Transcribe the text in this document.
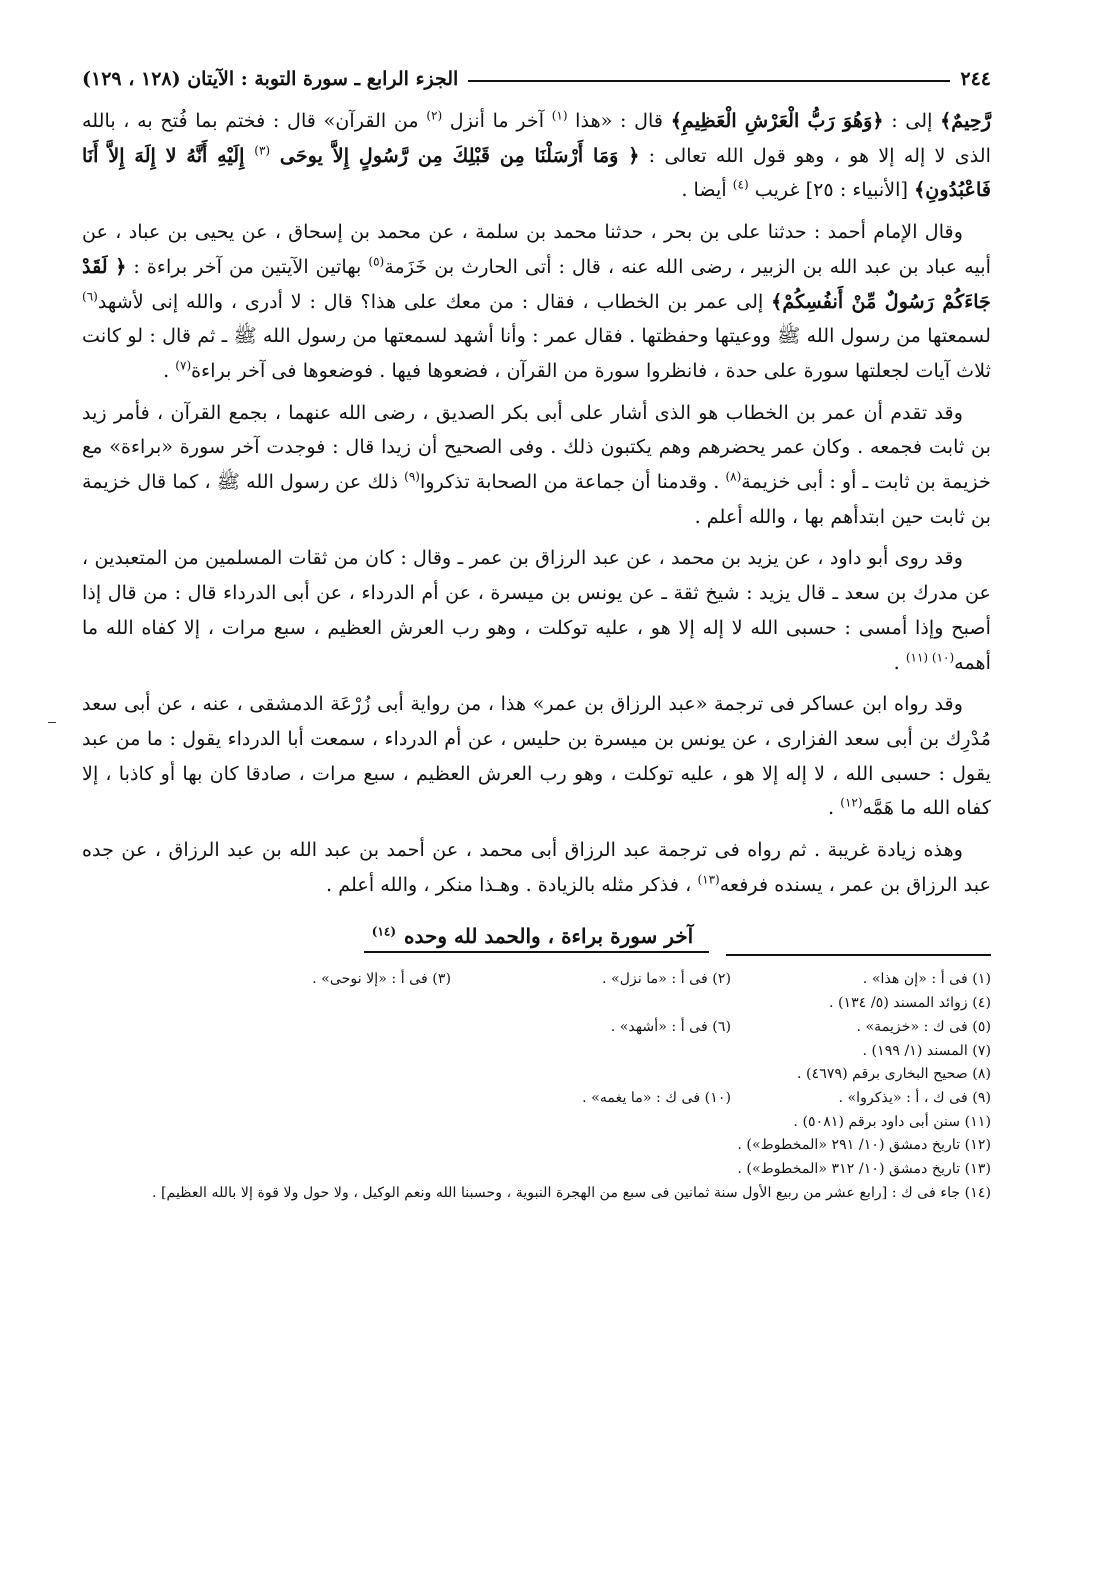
٢٤٤
الجزء الرابع ـ سورة التوبة : الآيتان (١٢٨ ، ١٢٩)

رَّحِيمٌ﴾ إلى : ﴿وَهُوَ رَبُّ الْعَرْشِ الْعَظِيمِ﴾ قال : «هذا $^{(١)}$ آخر ما أنزل $^{(٢)}$ من القرآن» قال : فختم بما فُتح به ، بالله الذى لا إله إلا هو ، وهو قول الله تعالى : ﴿ وَمَا أَرْسَلْنَا مِن قَبْلِكَ مِن رَّسُولٍ إِلاَّ يوحَى $^{(٣)}$ إِلَيْهِ أَنَّهُ لا إِلَهَ إِلاَّ أَنَا فَاعْبُدُونِ﴾ [الأنبياء : ٢٥] غريب $^{(٤)}$ أيضا .

وقال الإمام أحمد : حدثنا على بن بحر ، حدثنا محمد بن سلمة ، عن محمد بن إسحاق ، عن يحيى بن عباد ، عن أبيه عباد بن عبد الله بن الزبير ، رضى الله عنه ، قال : أتى الحارث بن خَزَمة$^{(٥)}$ بهاتين الآيتين من آخر براءة : ﴿ لَقَدْ جَاءَكُمْ رَسُولٌ مِّنْ أَنفُسِكُمْ﴾ إلى عمر بن الخطاب ، فقال : من معك على هذا؟ قال : لا أدرى ، والله إنى لأشهد$^{(٦)}$ لسمعتها من رسول الله ﷺ ووعيتها وحفظتها . فقال عمر : وأنا أشهد لسمعتها من رسول الله ﷺ ـ ثم قال : لو كانت ثلاث آيات لجعلتها سورة على حدة ، فانظروا سورة من القرآن ، فضعوها فيها . فوضعوها فى آخر براءة$^{(٧)}$ .

وقد تقدم أن عمر بن الخطاب هو الذى أشار على أبى بكر الصديق ، رضى الله عنهما ، بجمع القرآن ، فأمر زيد بن ثابت فجمعه . وكان عمر يحضرهم وهم يكتبون ذلك . وفى الصحيح أن زيدا قال : فوجدت آخر سورة «براءة» مع خزيمة بن ثابت ـ أو : أبى خزيمة$^{(٨)}$ . وقدمنا أن جماعة من الصحابة تذكروا$^{(٩)}$ ذلك عن رسول الله ﷺ ، كما قال خزيمة بن ثابت حين ابتدأهم بها ، والله أعلم .

وقد روى أبو داود ، عن يزيد بن محمد ، عن عبد الرزاق بن عمر ـ وقال : كان من ثقات المسلمين من المتعبدين ، عن مدرك بن سعد ـ قال يزيد : شيخ ثقة ـ عن يونس بن ميسرة ، عن أم الدرداء ، عن أبى الدرداء قال : من قال إذا أصبح وإذا أمسى : حسبى الله لا إله إلا هو ، عليه توكلت ، وهو رب العرش العظيم ، سبع مرات ، إلا كفاه الله ما أهمه$^{(١٠) (١١)}$ .

وقد رواه ابن عساكر فى ترجمة «عبد الرزاق بن عمر» هذا ، من رواية أبى زُرْعَة الدمشقى ، عنه ، عن أبى سعد مُدْرِك بن أبى سعد الفزارى ، عن يونس بن ميسرة بن حليس ، عن أم الدرداء ، سمعت أبا الدرداء يقول : ما من عبد يقول : حسبى الله ، لا إله إلا هو ، عليه توكلت ، وهو رب العرش العظيم ، سبع مرات ، صادقا كان بها أو كاذبا ، إلا كفاه الله ما هَمَّه$^{(١٢)}$ .

وهذه زيادة غريبة . ثم رواه فى ترجمة عبد الرزاق أبى محمد ، عن أحمد بن عبد الله بن عبد الرزاق ، عن جده عبد الرزاق بن عمر ، يسنده فرفعه$^{(١٣)}$ ، فذكر مثله بالزيادة . وهـذا منكر ، والله أعلم .

آخر سورة براءة ، والحمد لله وحده$^{(١٤)}$
(١) فى أ : «إن هذا» .
(٢) فى أ : «ما نزل» .
(٣) فى أ : «إلا نوحى» .
(٤) زوائد المسند (٥/ ١٣٤) .
(٥) فى ك : «خزيمة» .
(٦) فى أ : «أشهد» .
(٧) المسند (١/ ١٩٩) .
(٨) صحيح البخارى برقم (٤٦٧٩) .
(٩) فى ك ، أ : «يذكروا» .
(١٠) فى ك : «ما يغمه» .
(١١) سنن أبى داود برقم (٥٠٨١) .
(١٢) تاريخ دمشق (١٠/ ٢٩١ «المخطوط») .
(١٣) تاريخ دمشق (١٠/ ٣١٢ «المخطوط») .
(١٤) جاء فى ك : [رابع عشر من ربيع الأول سنة ثمانين فى سبع من الهجرة النبوية ، وحسبنا الله ونعم الوكيل ، ولا حول ولا قوة إلا بالله العظيم] .
